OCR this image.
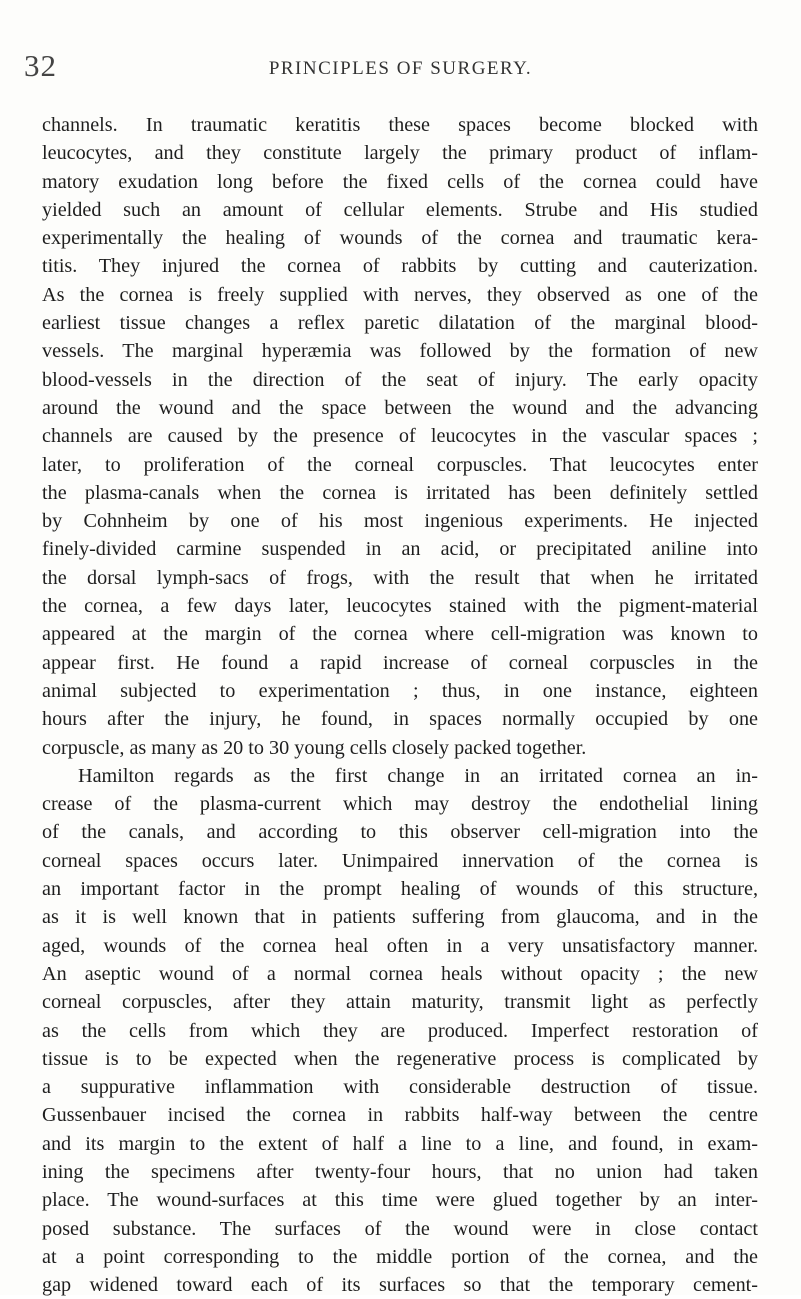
32	PRINCIPLES OF SURGERY.
channels. In traumatic keratitis these spaces become blocked with
leucocytes, and they constitute largely the primary product of inflam-
matory exudation long before the fixed cells of the cornea could have
yielded such an amount of cellular elements. Strube and His studied
experimentally the healing of wounds of the cornea and traumatic kera-
titis. They injured the cornea of rabbits by cutting and cauterization.
As the cornea is freely supplied with nerves, they observed as one of the
earliest tissue changes a reflex paretic dilatation of the marginal blood-
vessels. The marginal hyperæmia was followed by the formation of new
blood-vessels in the direction of the seat of injury. The early opacity
around the wound and the space between the wound and the advancing
channels are caused by the presence of leucocytes in the vascular spaces ;
later, to proliferation of the corneal corpuscles. That leucocytes enter
the plasma-canals when the cornea is irritated has been definitely settled
by Cohnheim by one of his most ingenious experiments. He injected
finely-divided carmine suspended in an acid, or precipitated aniline into
the dorsal lymph-sacs of frogs, with the result that when he irritated
the cornea, a few days later, leucocytes stained with the pigment-material
appeared at the margin of the cornea where cell-migration was known to
appear first. He found a rapid increase of corneal corpuscles in the
animal subjected to experimentation ; thus, in one instance, eighteen
hours after the injury, he found, in spaces normally occupied by one
corpuscle, as many as 20 to 30 young cells closely packed together.
Hamilton regards as the first change in an irritated cornea an in-
crease of the plasma-current which may destroy the endothelial lining
of the canals, and according to this observer cell-migration into the
corneal spaces occurs later. Unimpaired innervation of the cornea is
an important factor in the prompt healing of wounds of this structure,
as it is well known that in patients suffering from glaucoma, and in the
aged, wounds of the cornea heal often in a very unsatisfactory manner.
An aseptic wound of a normal cornea heals without opacity ; the new
corneal corpuscles, after they attain maturity, transmit light as perfectly
as the cells from which they are produced. Imperfect restoration of
tissue is to be expected when the regenerative process is complicated by
a suppurative inflammation with considerable destruction of tissue.
Gussenbauer incised the cornea in rabbits half-way between the centre
and its margin to the extent of half a line to a line, and found, in exam-
ining the specimens after twenty-four hours, that no union had taken
place. The wound-surfaces at this time were glued together by an inter-
posed substance. The surfaces of the wound were in close contact
at a point corresponding to the middle portion of the cornea, and the
gap widened toward each of its surfaces so that the temporary cement-
